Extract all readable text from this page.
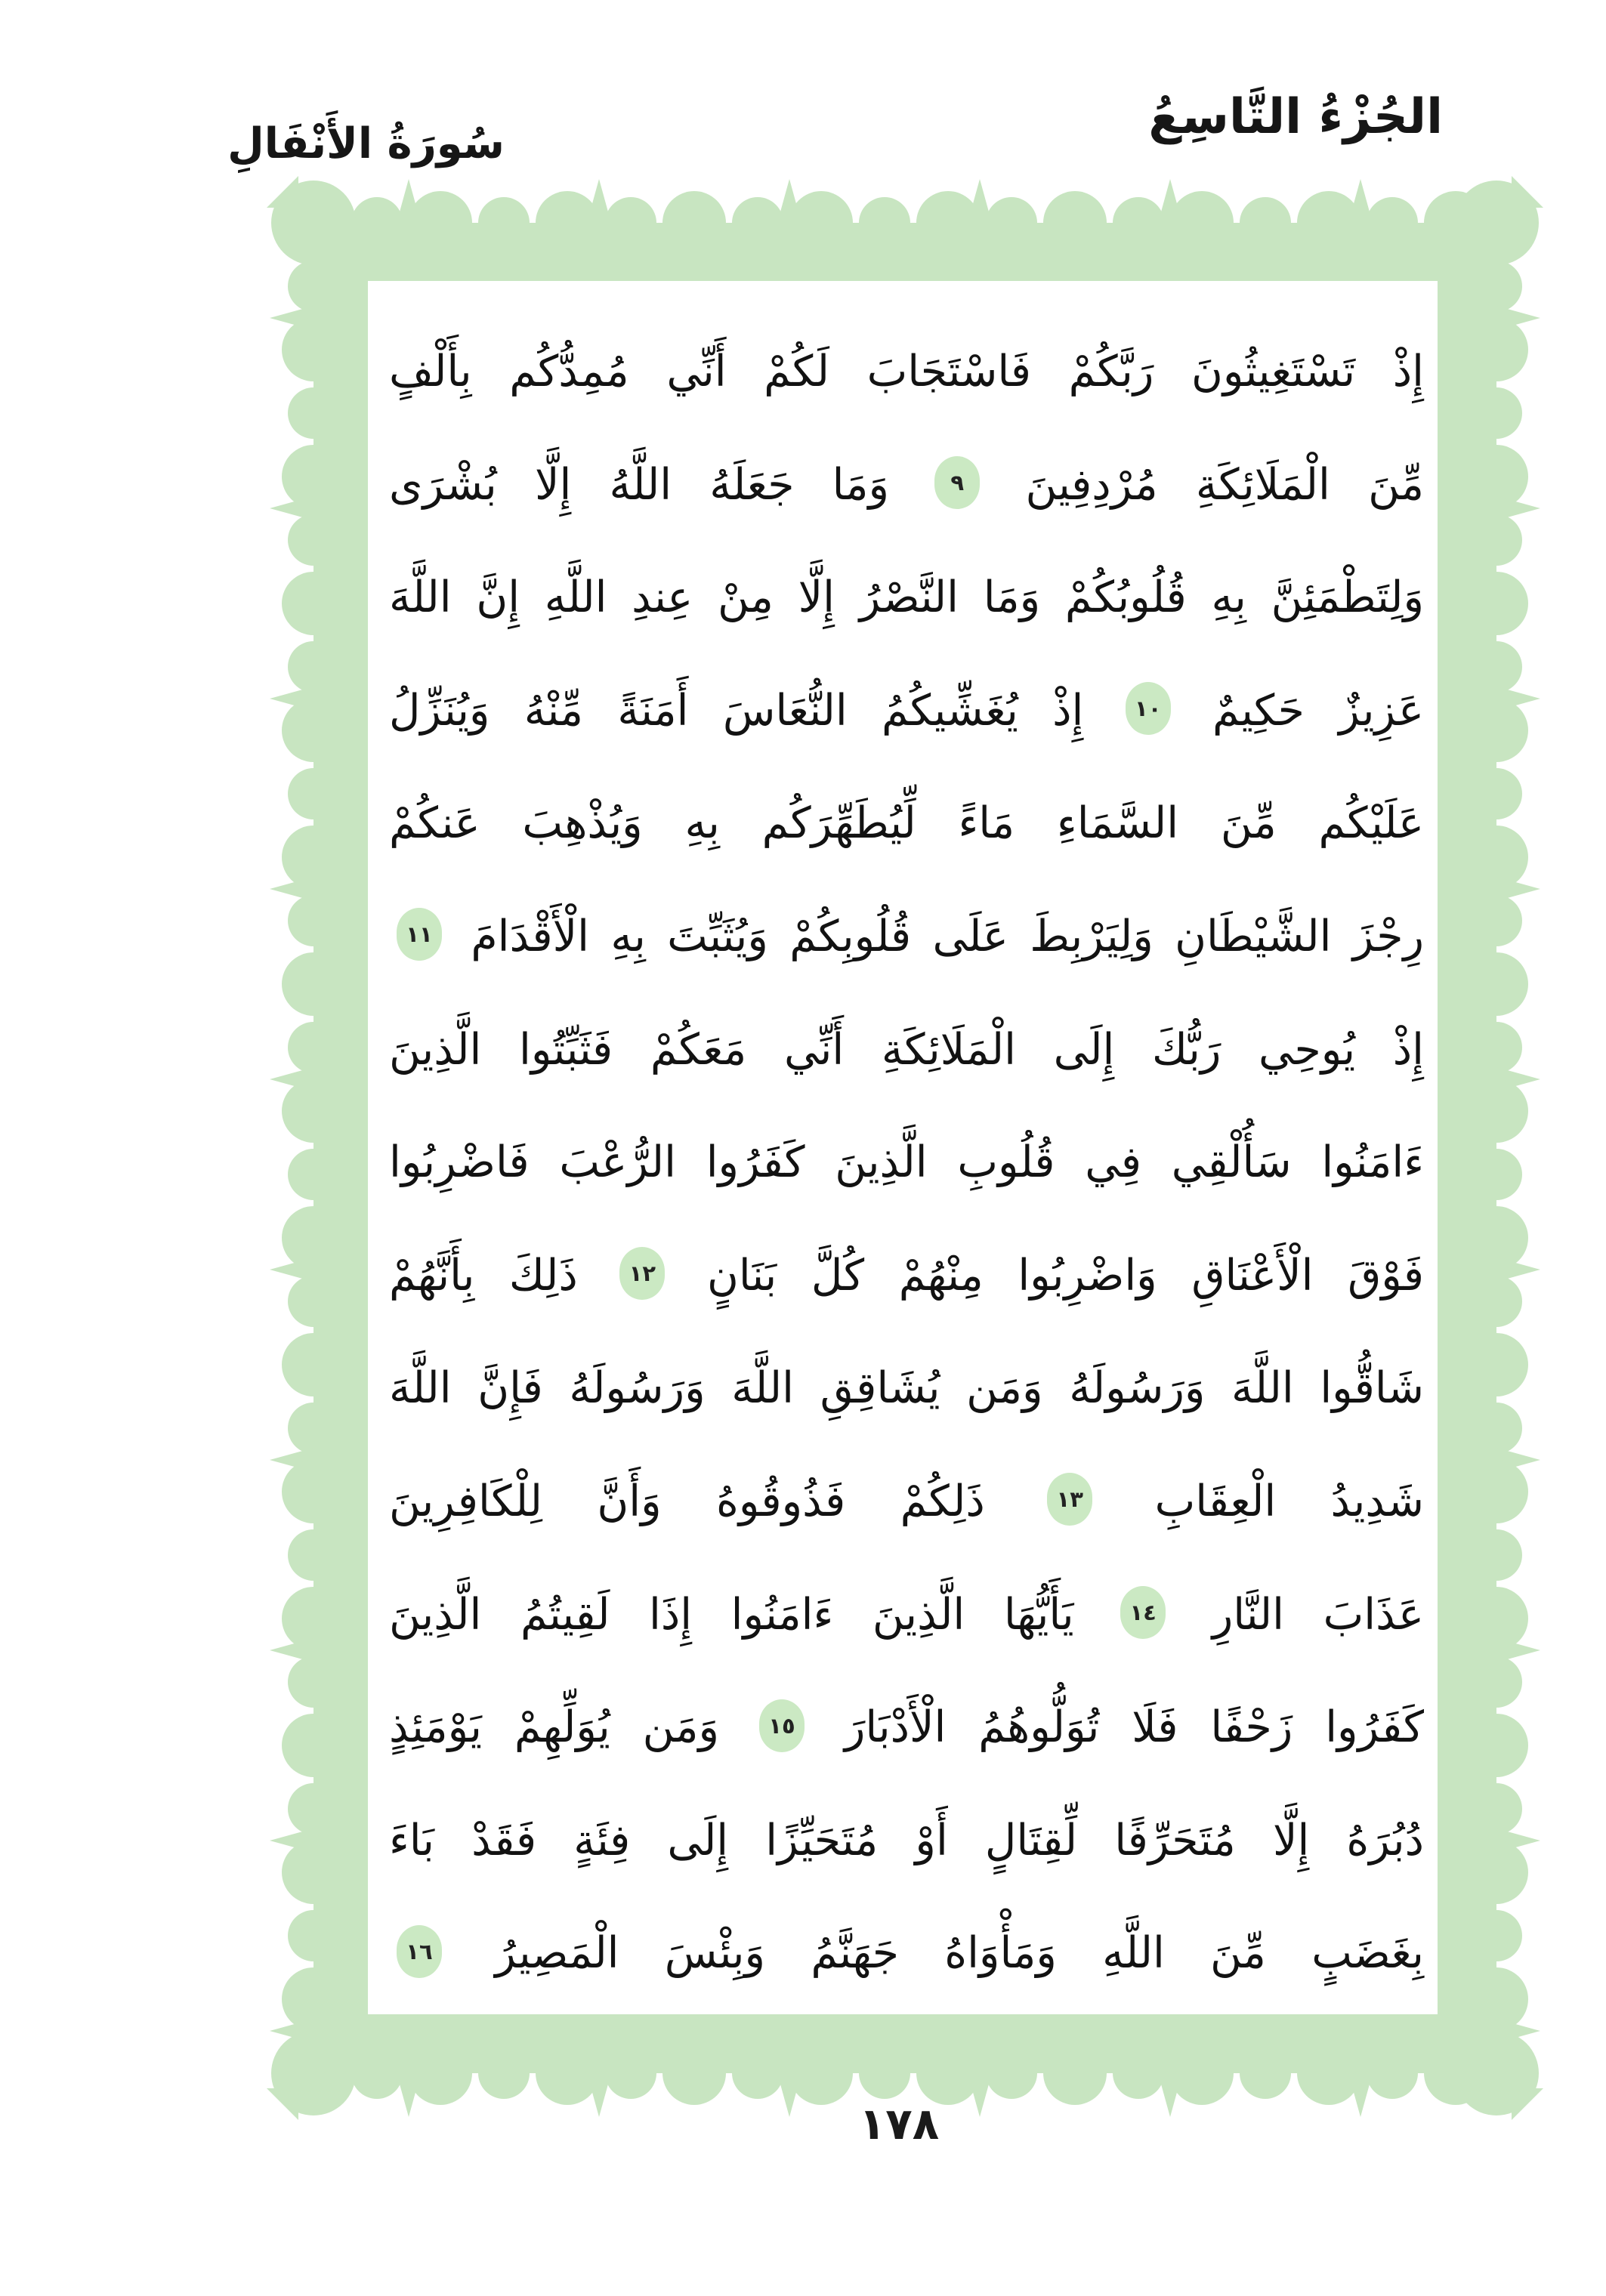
الجُزْءُ التَّاسِعُ
سُورَةُ الأَنْفَالِ
إِذْ تَسْتَغِيثُونَ رَبَّكُمْ فَاسْتَجَابَ لَكُمْ أَنِّي مُمِدُّكُم بِأَلْفٍ
مِّنَ الْمَلَائِكَةِ مُرْدِفِينَ ٩ وَمَا جَعَلَهُ اللَّهُ إِلَّا بُشْرَى
وَلِتَطْمَئِنَّ بِهِ قُلُوبُكُمْ وَمَا النَّصْرُ إِلَّا مِنْ عِندِ اللَّهِ إِنَّ اللَّهَ
عَزِيزٌ حَكِيمٌ ١٠ إِذْ يُغَشِّيكُمُ النُّعَاسَ أَمَنَةً مِّنْهُ وَيُنَزِّلُ
عَلَيْكُم مِّنَ السَّمَاءِ مَاءً لِّيُطَهِّرَكُم بِهِ وَيُذْهِبَ عَنكُمْ
رِجْزَ الشَّيْطَانِ وَلِيَرْبِطَ عَلَى قُلُوبِكُمْ وَيُثَبِّتَ بِهِ الْأَقْدَامَ ١١
إِذْ يُوحِي رَبُّكَ إِلَى الْمَلَائِكَةِ أَنِّي مَعَكُمْ فَثَبِّتُوا الَّذِينَ
ءَامَنُوا سَأُلْقِي فِي قُلُوبِ الَّذِينَ كَفَرُوا الرُّعْبَ فَاضْرِبُوا
فَوْقَ الْأَعْنَاقِ وَاضْرِبُوا مِنْهُمْ كُلَّ بَنَانٍ ١٢ ذَلِكَ بِأَنَّهُمْ
شَاقُّوا اللَّهَ وَرَسُولَهُ وَمَن يُشَاقِقِ اللَّهَ وَرَسُولَهُ فَإِنَّ اللَّهَ
شَدِيدُ الْعِقَابِ ١٣ ذَلِكُمْ فَذُوقُوهُ وَأَنَّ لِلْكَافِرِينَ
عَذَابَ النَّارِ ١٤ يَأَيُّهَا الَّذِينَ ءَامَنُوا إِذَا لَقِيتُمُ الَّذِينَ
كَفَرُوا زَحْفًا فَلَا تُوَلُّوهُمُ الْأَدْبَارَ ١٥ وَمَن يُوَلِّهِمْ يَوْمَئِذٍ
دُبُرَهُ إِلَّا مُتَحَرِّفًا لِّقِتَالٍ أَوْ مُتَحَيِّزًا إِلَى فِئَةٍ فَقَدْ بَاءَ
بِغَضَبٍ مِّنَ اللَّهِ وَمَأْوَاهُ جَهَنَّمُ وَبِئْسَ الْمَصِيرُ ١٦
١٧٨
